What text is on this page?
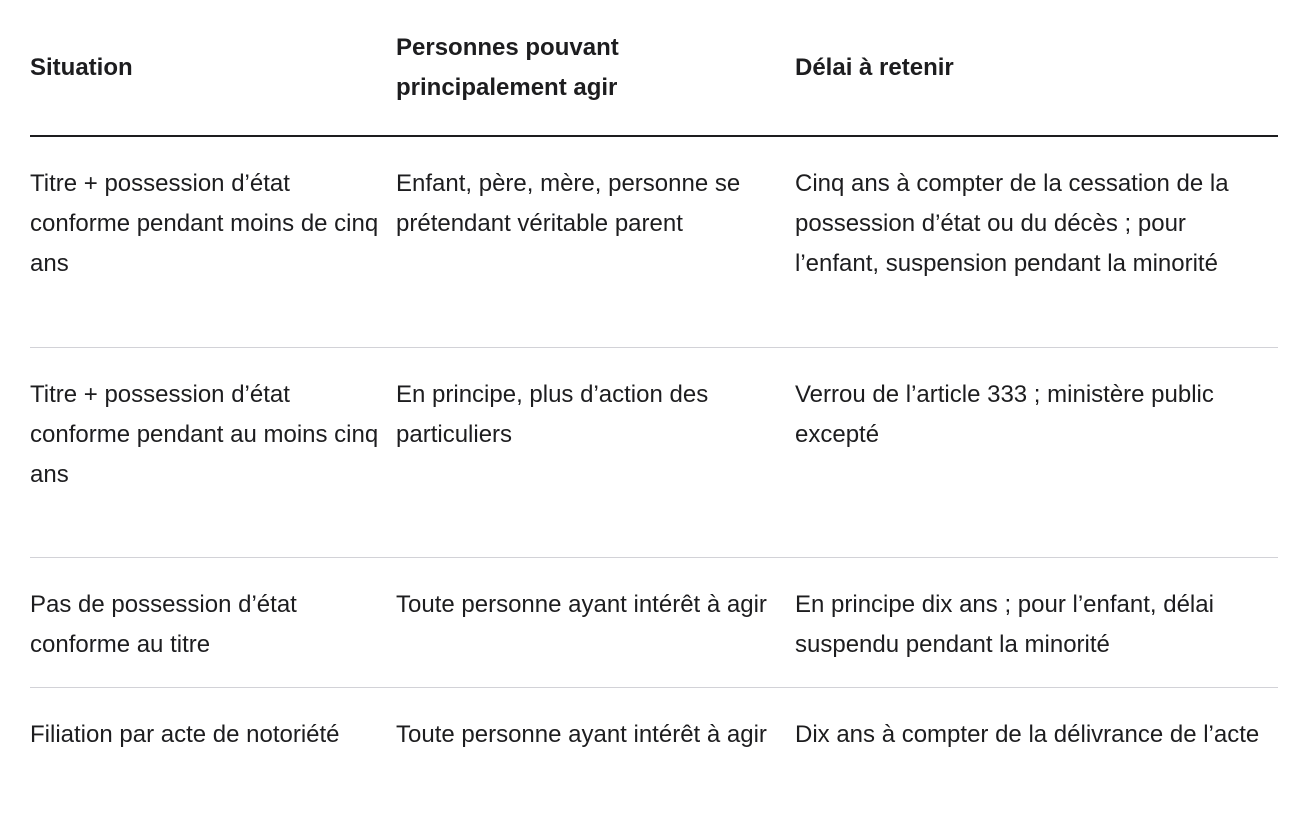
Situation	Personnes pouvant principalement agir	Délai à retenir
Titre + possession d’état conforme pendant moins de cinq ans	Enfant, père, mère, personne se prétendant véritable parent	Cinq ans à compter de la cessation de la possession d’état ou du décès ; pour l’enfant, suspension pendant la minorité
Titre + possession d’état conforme pendant au moins cinq ans	En principe, plus d’action des particuliers	Verrou de l’article 333 ; ministère public excepté
Pas de possession d’état conforme au titre	Toute personne ayant intérêt à agir	En principe dix ans ; pour l’enfant, délai suspendu pendant la minorité
Filiation par acte de notoriété	Toute personne ayant intérêt à agir	Dix ans à compter de la délivrance de l’acte
